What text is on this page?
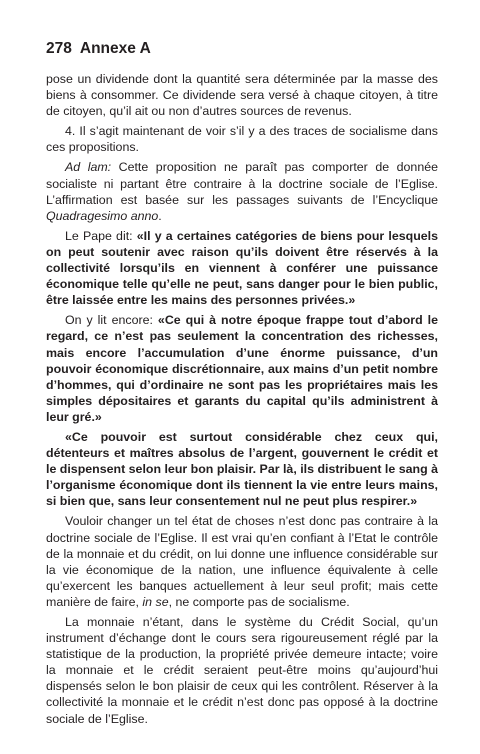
278 Annexe A

pose un dividende dont la quantité sera déterminée par la masse des biens à consommer. Ce dividende sera versé à chaque citoyen, à titre de citoyen, qu’il ait ou non d’autres sources de revenus.

4. Il s’agit maintenant de voir s’il y a des traces de socialisme dans ces propositions.

Ad lam: Cette proposition ne paraît pas comporter de donnée socialiste ni partant être contraire à la doctrine sociale de l’Eglise. L’affirmation est basée sur les passages suivants de l’Encyclique Quadragesimo anno.

Le Pape dit: «Il y a certaines catégories de biens pour lesquels on peut soutenir avec raison qu’ils doivent être réservés à la collectivité lorsqu’ils en viennent à conférer une puissance économique telle qu’elle ne peut, sans danger pour le bien public, être laissée entre les mains des personnes privées.»

On y lit encore: «Ce qui à notre époque frappe tout d’abord le regard, ce n’est pas seulement la concentration des richesses, mais encore l’accumulation d’une énorme puissance, d’un pouvoir économique discrétionnaire, aux mains d’un petit nombre d’hommes, qui d’ordinaire ne sont pas les propriétaires mais les simples dépositaires et garants du capital qu’ils administrent à leur gré.»

«Ce pouvoir est surtout considérable chez ceux qui, détenteurs et maîtres absolus de l’argent, gouvernent le crédit et le dispensent selon leur bon plaisir. Par là, ils distribuent le sang à l’organisme économique dont ils tiennent la vie entre leurs mains, si bien que, sans leur consentement nul ne peut plus respirer.»

Vouloir changer un tel état de choses n’est donc pas contraire à la doctrine sociale de l’Eglise. Il est vrai qu’en confiant à l’Etat le contrôle de la monnaie et du crédit, on lui donne une influence considérable sur la vie économique de la nation, une influence équivalente à celle qu’exercent les banques actuellement à leur seul profit; mais cette manière de faire, in se, ne comporte pas de socialisme.

La monnaie n’étant, dans le système du Crédit Social, qu’un instrument d’échange dont le cours sera rigoureusement réglé par la statistique de la production, la propriété privée demeure intacte; voire la monnaie et le crédit seraient peut-être moins qu’aujourd’hui dispensés selon le bon plaisir de ceux qui les contrôlent. Réserver à la collectivité la monnaie et le crédit n’est donc pas opposé à la doctrine sociale de l’Eglise.
